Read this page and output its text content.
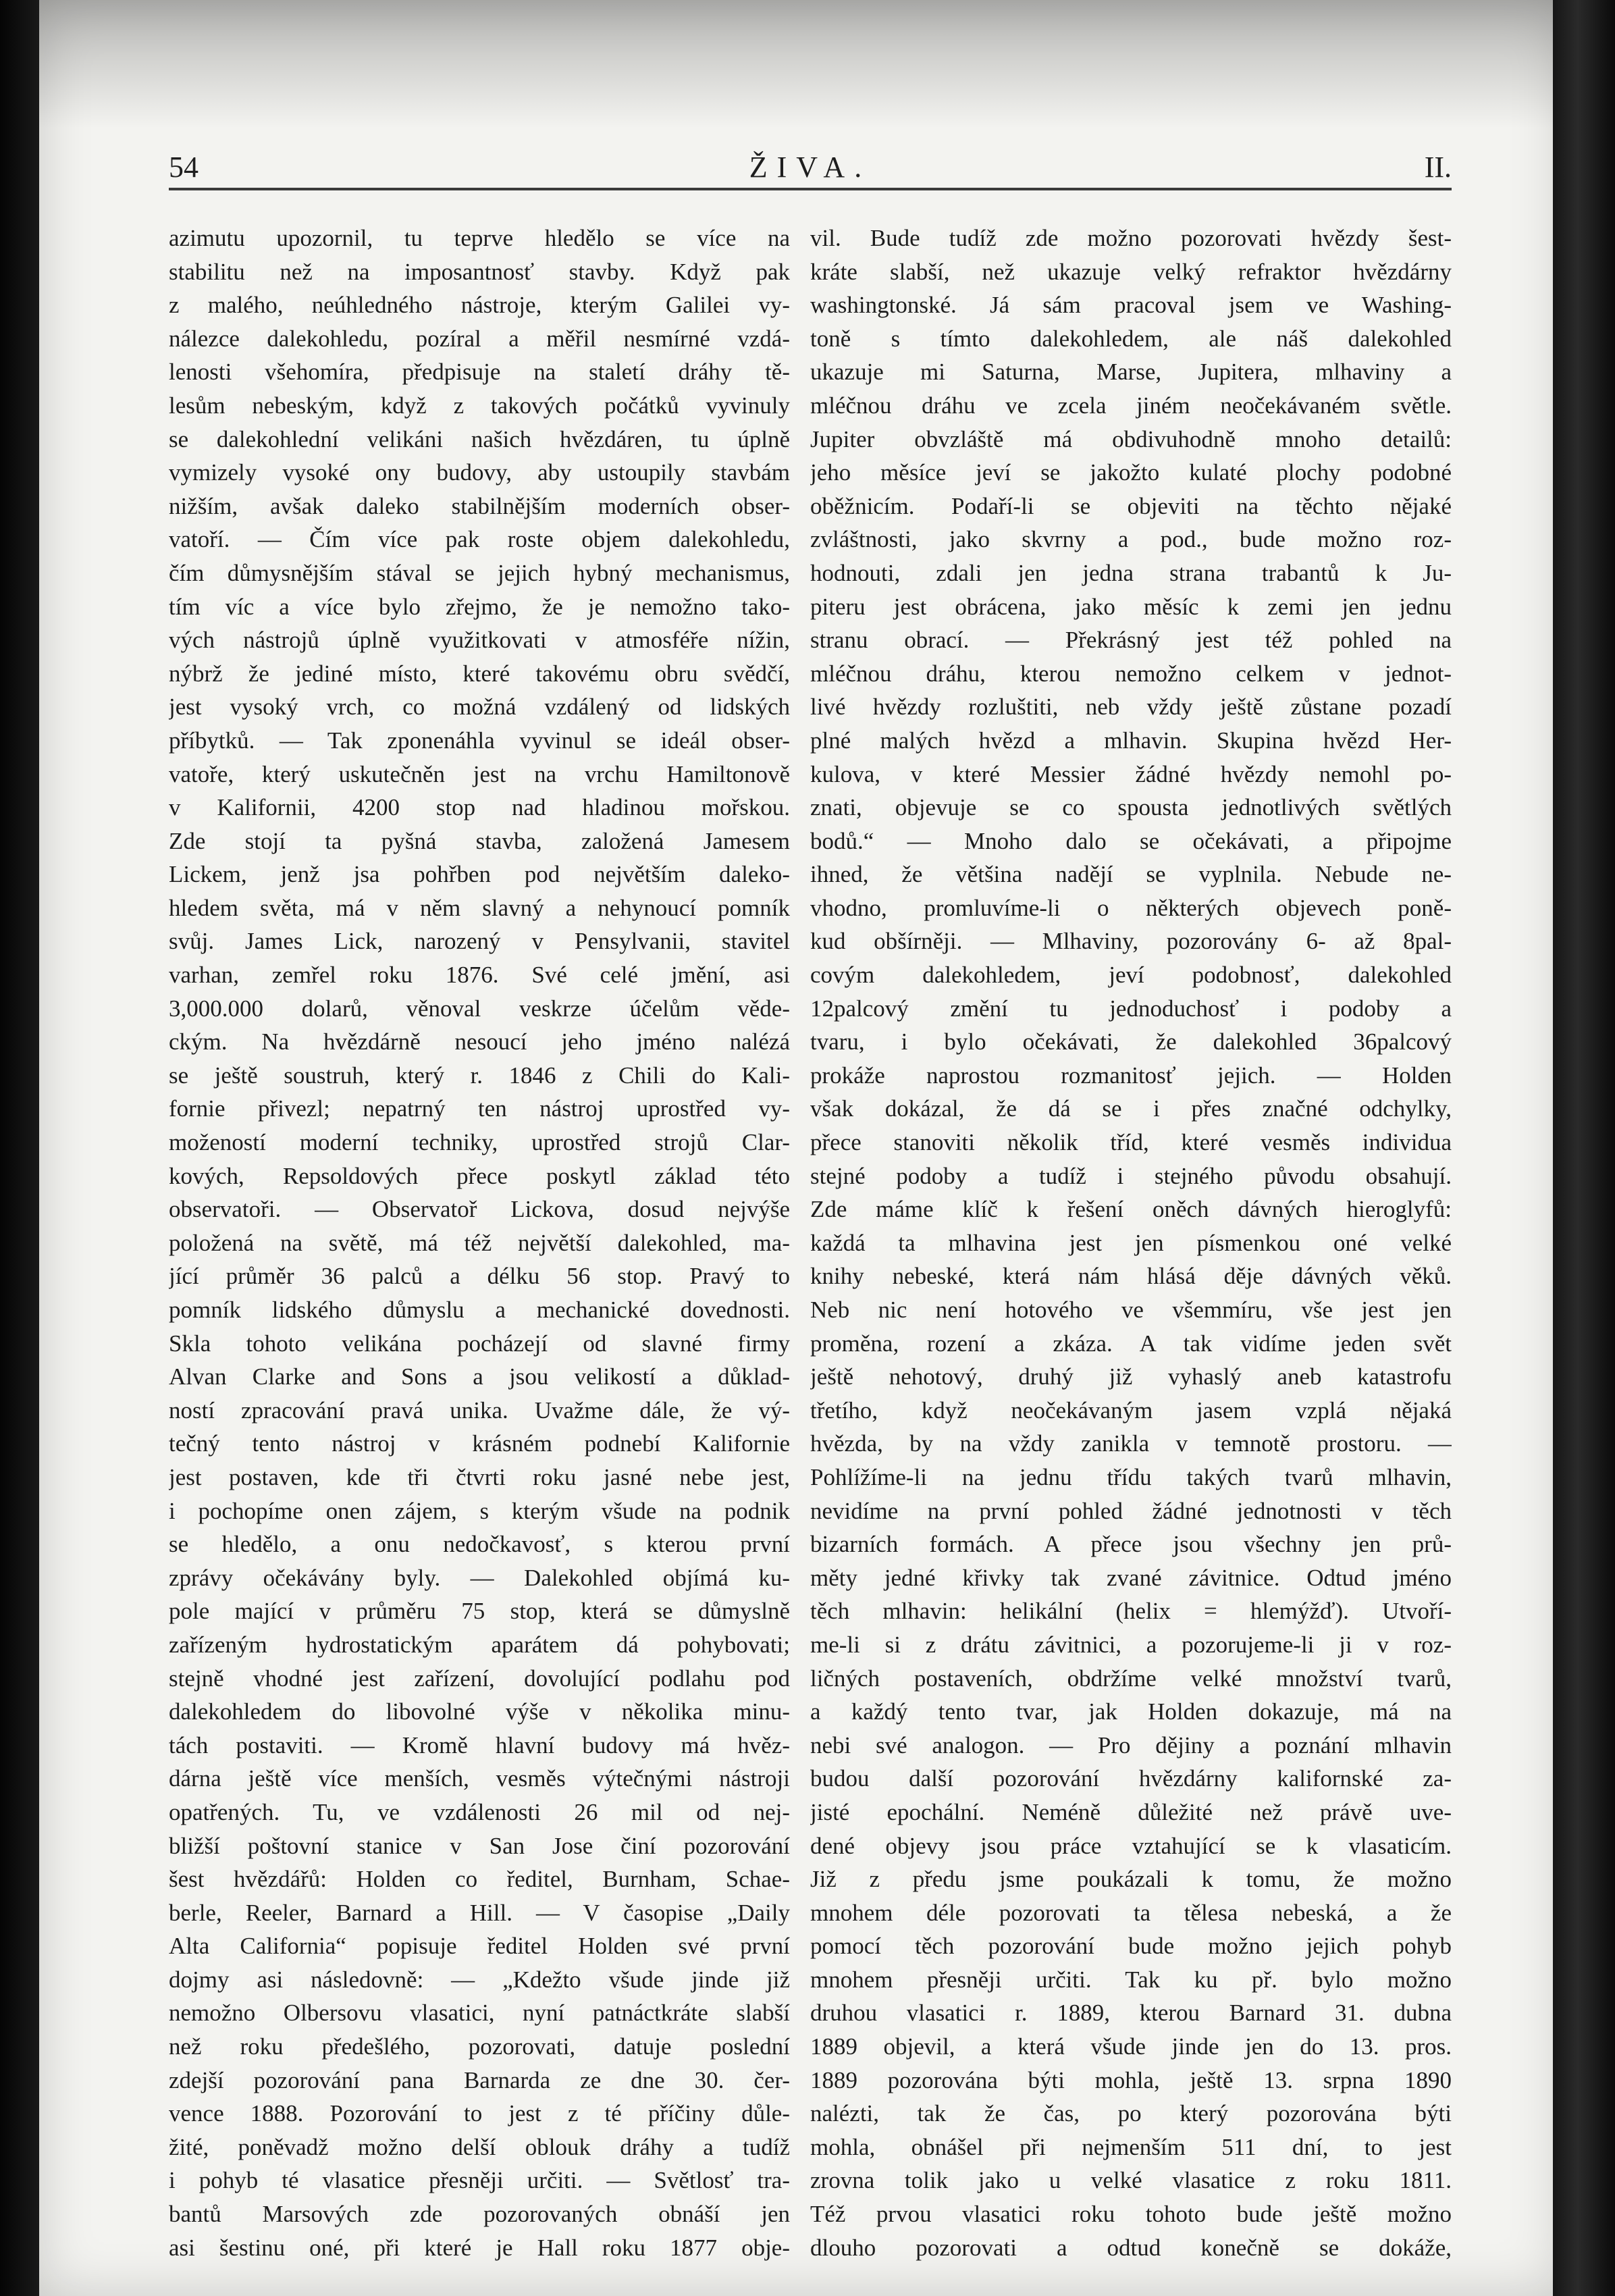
54	ŽIVA.	II.
azimutu upozornil, tu teprve hledělo se více na
stabilitu než na imposantnosť stavby. Když pak
z malého, neúhledného nástroje, kterým Galilei vy-
nálezce dalekohledu, pozíral a měřil nesmírné vzdá-
lenosti všehomíra, předpisuje na staletí dráhy tě-
lesům nebeským, když z takových počátků vyvinuly
se dalekohlední velikáni našich hvězdáren, tu úplně
vymizely vysoké ony budovy, aby ustoupily stavbám
nižším, avšak daleko stabilnějším moderních obser-
vatoří. — Čím více pak roste objem dalekohledu,
čím důmysnějším stával se jejich hybný mechanismus,
tím víc a více bylo zřejmo, že je nemožno tako-
vých nástrojů úplně využitkovati v atmosféře nížin,
nýbrž že jediné místo, které takovému obru svědčí,
jest vysoký vrch, co možná vzdálený od lidských
příbytků. — Tak zponenáhla vyvinul se ideál obser-
vatoře, který uskutečněn jest na vrchu Hamiltonově
v Kalifornii, 4200 stop nad hladinou mořskou.
Zde stojí ta pyšná stavba, založená Jamesem
Lickem, jenž jsa pohřben pod největším daleko-
hledem světa, má v něm slavný a nehynoucí pomník
svůj. James Lick, narozený v Pensylvanii, stavitel
varhan, zemřel roku 1876. Své celé jmění, asi
3,000.000 dolarů, věnoval veskrze účelům věde-
ckým. Na hvězdárně nesoucí jeho jméno nalézá
se ještě soustruh, který r. 1846 z Chili do Kali-
fornie přivezl; nepatrný ten nástroj uprostřed vy-
možeností moderní techniky, uprostřed strojů Clar-
kových, Repsoldových přece poskytl základ této
observatoři. — Observatoř Lickova, dosud nejvýše
položená na světě, má též největší dalekohled, ma-
jící průměr 36 palců a délku 56 stop. Pravý to
pomník lidského důmyslu a mechanické dovednosti.
Skla tohoto velikána pocházejí od slavné firmy
Alvan Clarke and Sons a jsou velikostí a důklad-
ností zpracování pravá unika. Uvažme dále, že vý-
tečný tento nástroj v krásném podnebí Kalifornie
jest postaven, kde tři čtvrti roku jasné nebe jest,
i pochopíme onen zájem, s kterým všude na podnik
se hledělo, a onu nedočkavosť, s kterou první
zprávy očekávány byly. — Dalekohled objímá ku-
pole mající v průměru 75 stop, která se důmyslně
zařízeným hydrostatickým aparátem dá pohybovati;
stejně vhodné jest zařízení, dovolující podlahu pod
dalekohledem do libovolné výše v několika minu-
tách postaviti. — Kromě hlavní budovy má hvěz-
dárna ještě více menších, vesměs výtečnými nástroji
opatřených. Tu, ve vzdálenosti 26 mil od nej-
bližší poštovní stanice v San Jose činí pozorování
šest hvězdářů: Holden co ředitel, Burnham, Schae-
berle, Reeler, Barnard a Hill. — V časopise „Daily
Alta California“ popisuje ředitel Holden své první
dojmy asi následovně: — „Kdežto všude jinde již
nemožno Olbersovu vlasatici, nyní patnáctkráte slabší
než roku předešlého, pozorovati, datuje poslední
zdejší pozorování pana Barnarda ze dne 30. čer-
vence 1888. Pozorování to jest z té příčiny důle-
žité, poněvadž možno delší oblouk dráhy a tudíž
i pohyb té vlasatice přesněji určiti. — Světlosť tra-
bantů Marsových zde pozorovaných obnáší jen
asi šestinu oné, při které je Hall roku 1877 obje-
vil. Bude tudíž zde možno pozorovati hvězdy šest-
kráte slabší, než ukazuje velký refraktor hvězdárny
washingtonské. Já sám pracoval jsem ve Washing-
toně s tímto dalekohledem, ale náš dalekohled
ukazuje mi Saturna, Marse, Jupitera, mlhaviny a
mléčnou dráhu ve zcela jiném neočekávaném světle.
Jupiter obvzláště má obdivuhodně mnoho detailů:
jeho měsíce jeví se jakožto kulaté plochy podobné
oběžnicím. Podaří-li se objeviti na těchto nějaké
zvláštnosti, jako skvrny a pod., bude možno roz-
hodnouti, zdali jen jedna strana trabantů k Ju-
piteru jest obrácena, jako měsíc k zemi jen jednu
stranu obrací. — Překrásný jest též pohled na
mléčnou dráhu, kterou nemožno celkem v jednot-
livé hvězdy rozluštiti, neb vždy ještě zůstane pozadí
plné malých hvězd a mlhavin. Skupina hvězd Her-
kulova, v které Messier žádné hvězdy nemohl po-
znati, objevuje se co spousta jednotlivých světlých
bodů.“ — Mnoho dalo se očekávati, a připojme
ihned, že většina nadějí se vyplnila. Nebude ne-
vhodno, promluvíme-li o některých objevech poně-
kud obšírněji. — Mlhaviny, pozorovány 6- až 8pal-
covým dalekohledem, jeví podobnosť, dalekohled
12palcový změní tu jednoduchosť i podoby a
tvaru, i bylo očekávati, že dalekohled 36palcový
prokáže naprostou rozmanitosť jejich. — Holden
však dokázal, že dá se i přes značné odchylky,
přece stanoviti několik tříd, které vesměs individua
stejné podoby a tudíž i stejného původu obsahují.
Zde máme klíč k řešení oněch dávných hieroglyfů:
každá ta mlhavina jest jen písmenkou oné velké
knihy nebeské, která nám hlásá děje dávných věků.
Neb nic není hotového ve všemmíru, vše jest jen
proměna, rození a zkáza. A tak vidíme jeden svět
ještě nehotový, druhý již vyhaslý aneb katastrofu
třetího, když neočekávaným jasem vzplá nějaká
hvězda, by na vždy zanikla v temnotě prostoru. —
Pohlížíme-li na jednu třídu takých tvarů mlhavin,
nevidíme na první pohled žádné jednotnosti v těch
bizarních formách. A přece jsou všechny jen prů-
měty jedné křivky tak zvané závitnice. Odtud jméno
těch mlhavin: helikální (helix = hlemýžď). Utvoří-
me-li si z drátu závitnici, a pozorujeme-li ji v roz-
ličných postaveních, obdržíme velké množství tvarů,
a každý tento tvar, jak Holden dokazuje, má na
nebi své analogon. — Pro dějiny a poznání mlhavin
budou další pozorování hvězdárny kalifornské za-
jisté epochální. Neméně důležité než právě uve-
dené objevy jsou práce vztahující se k vlasaticím.
Již z předu jsme poukázali k tomu, že možno
mnohem déle pozorovati ta tělesa nebeská, a že
pomocí těch pozorování bude možno jejich pohyb
mnohem přesněji určiti. Tak ku př. bylo možno
druhou vlasatici r. 1889, kterou Barnard 31. dubna
1889 objevil, a která všude jinde jen do 13. pros.
1889 pozorována býti mohla, ještě 13. srpna 1890
nalézti, tak že čas, po který pozorována býti
mohla, obnášel při nejmenším 511 dní, to jest
zrovna tolik jako u velké vlasatice z roku 1811.
Též prvou vlasatici roku tohoto bude ještě možno
dlouho pozorovati a odtud konečně se dokáže,
